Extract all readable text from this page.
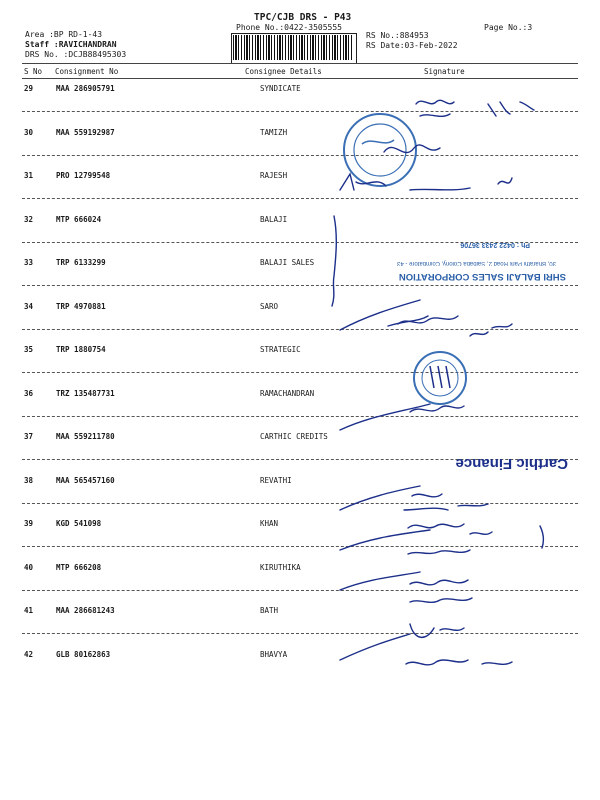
TPC/CJB DRS - P43
Phone No.:0422-3505555	Page No.:3
Area :BP RD-1-43
Staff :RAVICHANDRAN
DRS No. :DCJB88495303
RS No.:884953
RS Date:03-Feb-2022
S No Consignment No	Consignee Details	Signature
29	MAA 286905791	SYNDICATE
30	MAA 559192987	TAMIZH
31	PRO 12799548	RAJESH
32	MTP 666024	BALAJI
33	TRP 6133299	BALAJI SALES
34	TRP 4970881	SARO
35	TRP 1880754	STRATEGIC
36	TRZ 135487731	RAMACHANDRAN
37	MAA 559211780	CARTHIC CREDITS
38	MAA 565457160	REVATHI
39	KGD 541098	KHAN
40	MTP 666208	KIRUTHIKA
41	MAA 286681243	BATH
42	GLB 80162863	BHAVYA
SHRI BALAJI SALES CORPORATION
30, Bharathi Park Road 2, Saibaba Colony, Coimbatore - 43
Ph : 0422 2433 36706
Carthic Finance
